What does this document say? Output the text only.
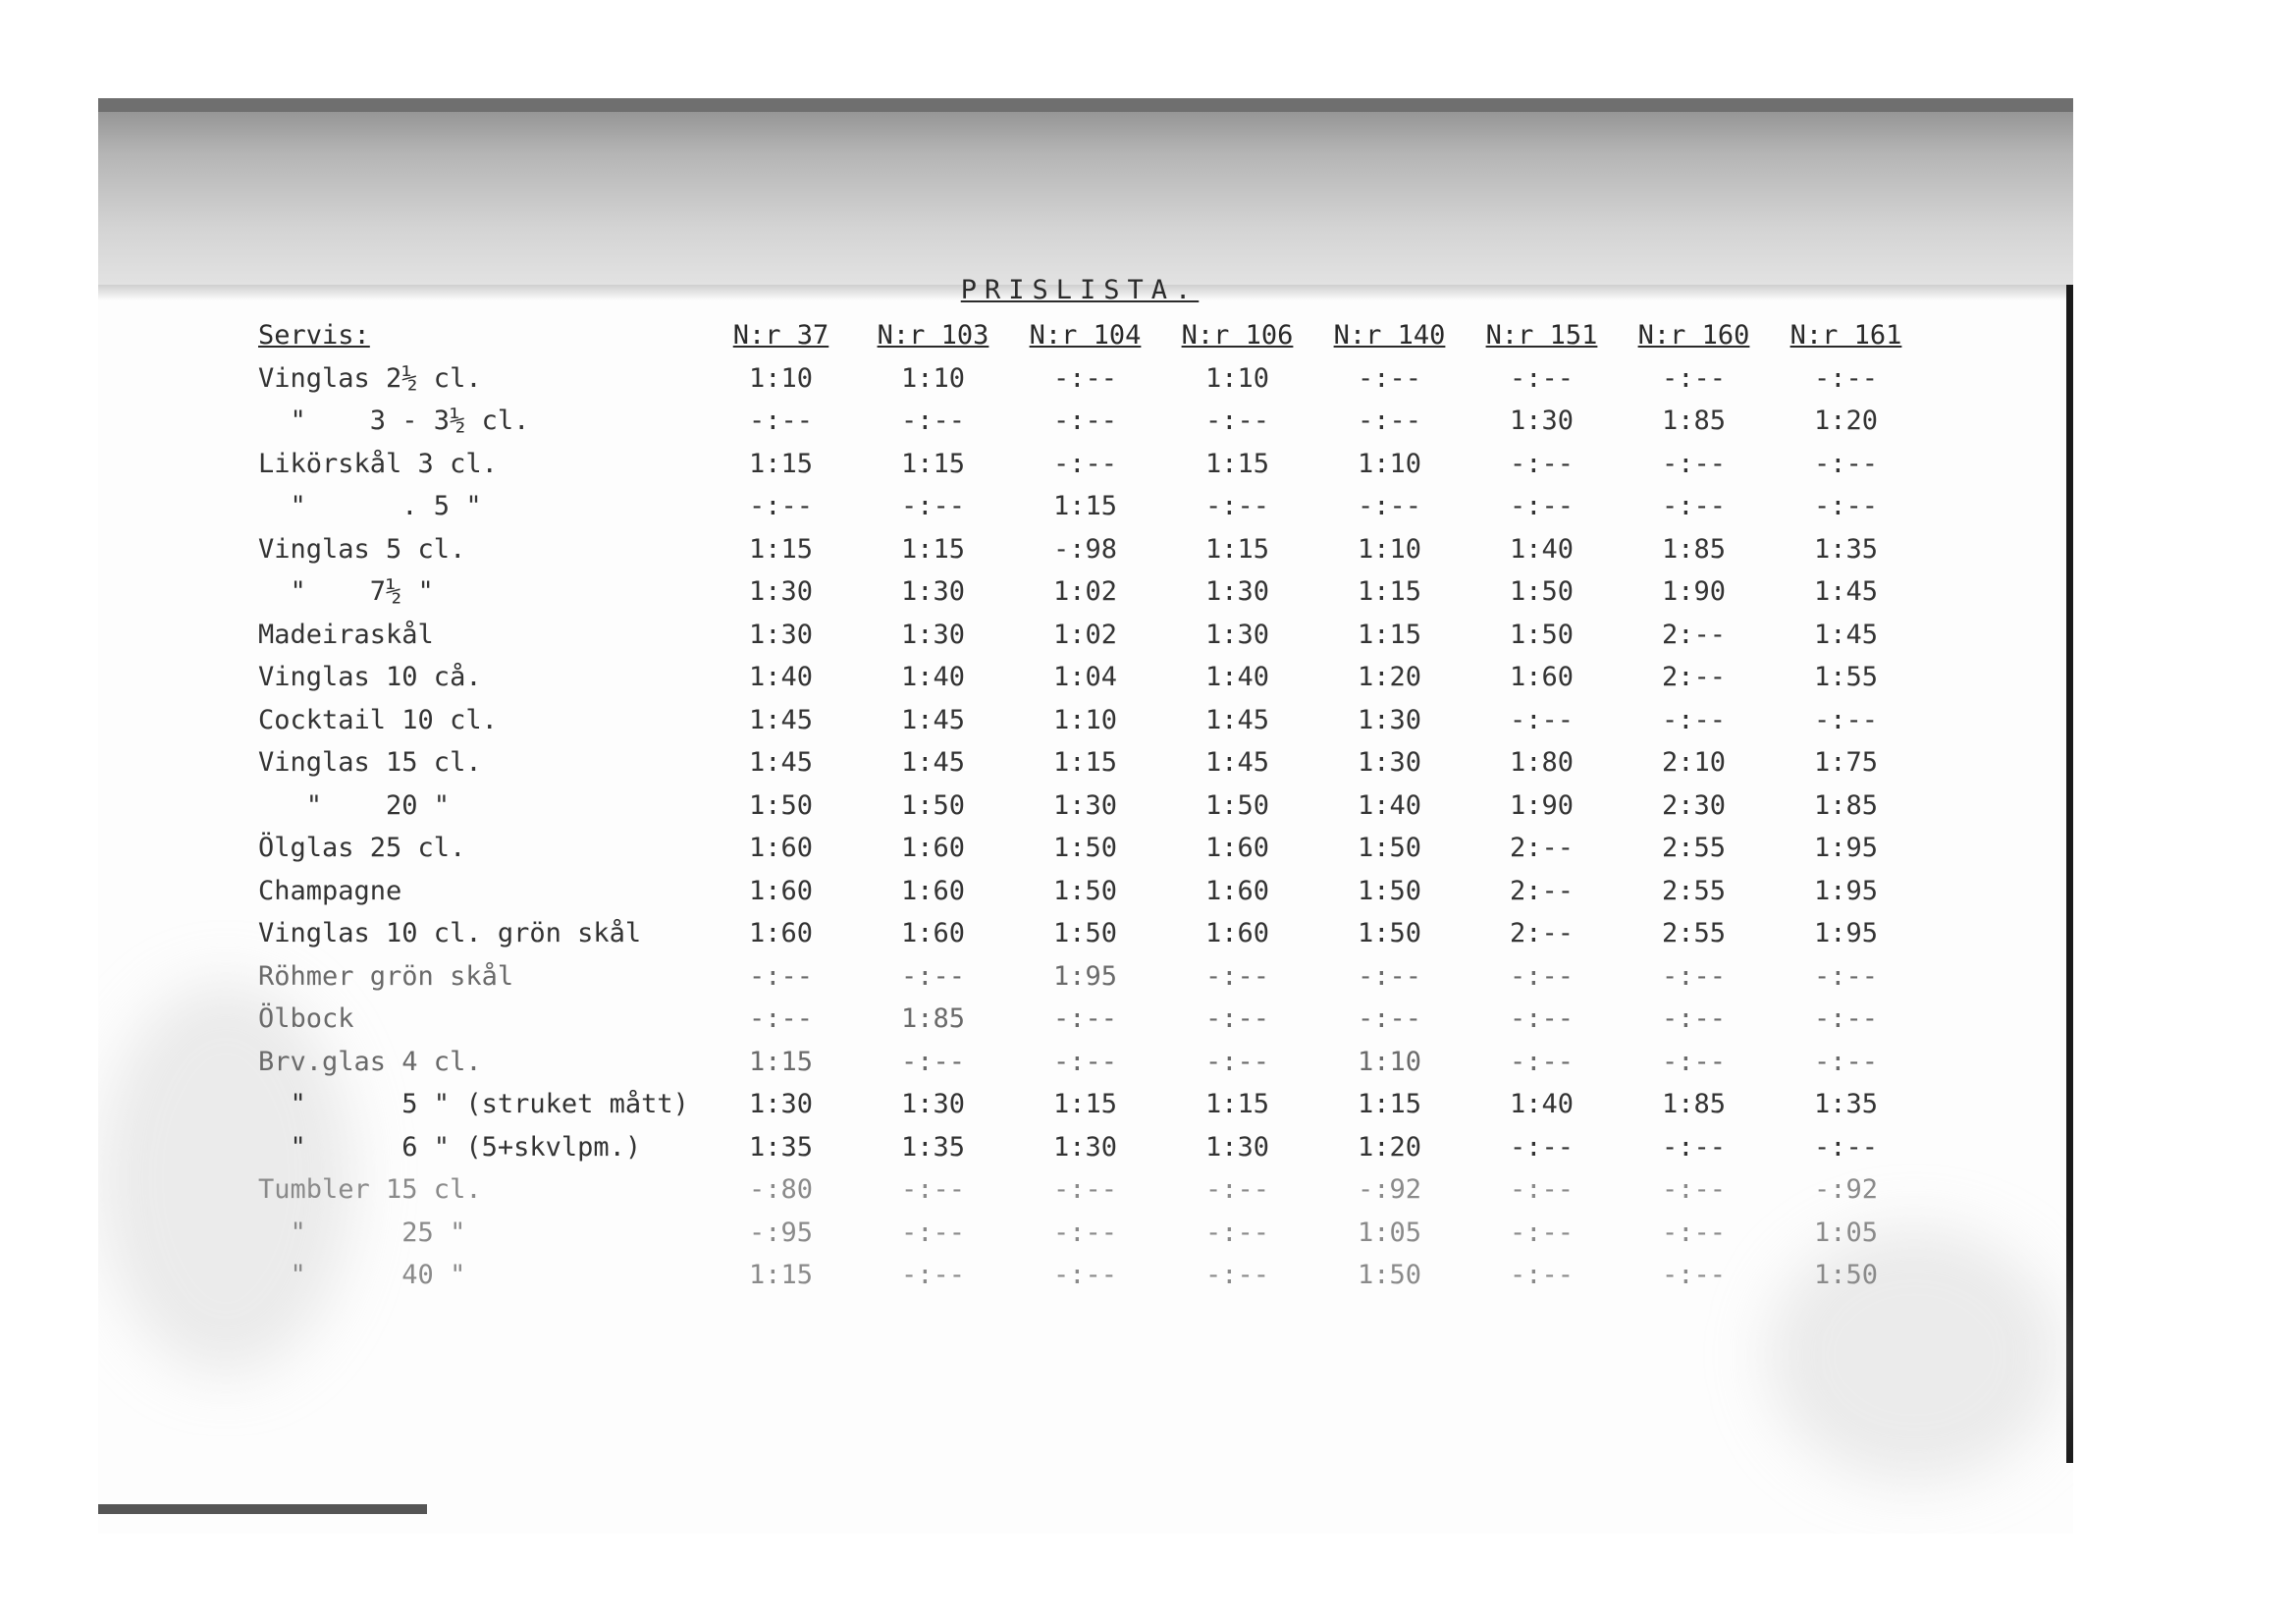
PRISLISTA.
Servis:	N:r 37	N:r 103	N:r 104	N:r 106	N:r 140	N:r 151	N:r 160	N:r 161
Vinglas 2½ cl.	1:10	1:10	-:--	1:10	-:--	-:--	-:--	-:--
"    3 - 3½ cl.	-:--	-:--	-:--	-:--	-:--	1:30	1:85	1:20
Likörskål 3 cl.	1:15	1:15	-:--	1:15	1:10	-:--	-:--	-:--
"      . 5 "	-:--	-:--	1:15	-:--	-:--	-:--	-:--	-:--
Vinglas 5 cl.	1:15	1:15	-:98	1:15	1:10	1:40	1:85	1:35
"    7½ "	1:30	1:30	1:02	1:30	1:15	1:50	1:90	1:45
Madeiraskål	1:30	1:30	1:02	1:30	1:15	1:50	2:--	1:45
Vinglas 10 cå.	1:40	1:40	1:04	1:40	1:20	1:60	2:--	1:55
Cocktail 10 cl.	1:45	1:45	1:10	1:45	1:30	-:--	-:--	-:--
Vinglas 15 cl.	1:45	1:45	1:15	1:45	1:30	1:80	2:10	1:75
"    20 "	1:50	1:50	1:30	1:50	1:40	1:90	2:30	1:85
Ölglas 25 cl.	1:60	1:60	1:50	1:60	1:50	2:--	2:55	1:95
Champagne	1:60	1:60	1:50	1:60	1:50	2:--	2:55	1:95
Vinglas 10 cl. grön skål	1:60	1:60	1:50	1:60	1:50	2:--	2:55	1:95
Röhmer grön skål	-:--	-:--	1:95	-:--	-:--	-:--	-:--	-:--
Ölbock	-:--	1:85	-:--	-:--	-:--	-:--	-:--	-:--
Brv.glas 4 cl.	1:15	-:--	-:--	-:--	1:10	-:--	-:--	-:--
"      5 " (struket mått)	1:30	1:30	1:15	1:15	1:15	1:40	1:85	1:35
"      6 " (5+skvlpm.)	1:35	1:35	1:30	1:30	1:20	-:--	-:--	-:--
Tumbler 15 cl.	-:80	-:--	-:--	-:--	-:92	-:--	-:--	-:92
"      25 "	-:95	-:--	-:--	-:--	1:05	-:--	-:--	1:05
"      40 "	1:15	-:--	-:--	-:--	1:50	-:--	-:--	1:50
